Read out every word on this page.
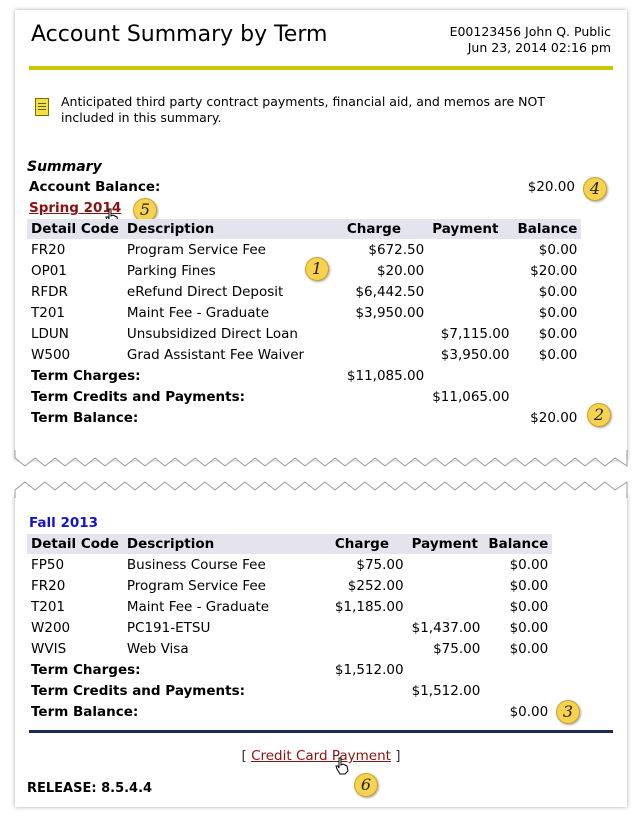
Account Summary by Term	E00123456 John Q. Public
Jun 23, 2014 02:16 pm
Anticipated third party contract payments, financial aid, and memos are NOT included in this summary.
Summary
Account Balance:	$20.00 4
Spring 2014	5
Detail Code	Description	Charge	Payment	Balance
FR20	Program Service Fee	$672.50		$0.00
OP01	Parking Fines	$20.00		$20.00
RFDR	eRefund Direct Deposit	$6,442.50		$0.00
T201	Maint Fee - Graduate	$3,950.00		$0.00
LDUN	Unsubsidized Direct Loan		$7,115.00	$0.00
W500	Grad Assistant Fee Waiver		$3,950.00	$0.00
Term Charges:		$11,085.00		
Term Credits and Payments:			$11,065.00	
Term Balance:				$20.00
1
2
Fall 2013
Detail Code	Description	Charge	Payment	Balance
FP50	Business Course Fee	$75.00		$0.00
FR20	Program Service Fee	$252.00		$0.00
T201	Maint Fee - Graduate	$1,185.00		$0.00
W200	PC191-ETSU		$1,437.00	$0.00
WVIS	Web Visa		$75.00	$0.00
Term Charges:		$1,512.00		
Term Credits and Payments:			$1,512.00	
Term Balance:				$0.00 3
[ Credit Card Payment ]
6
RELEASE: 8.5.4.4
